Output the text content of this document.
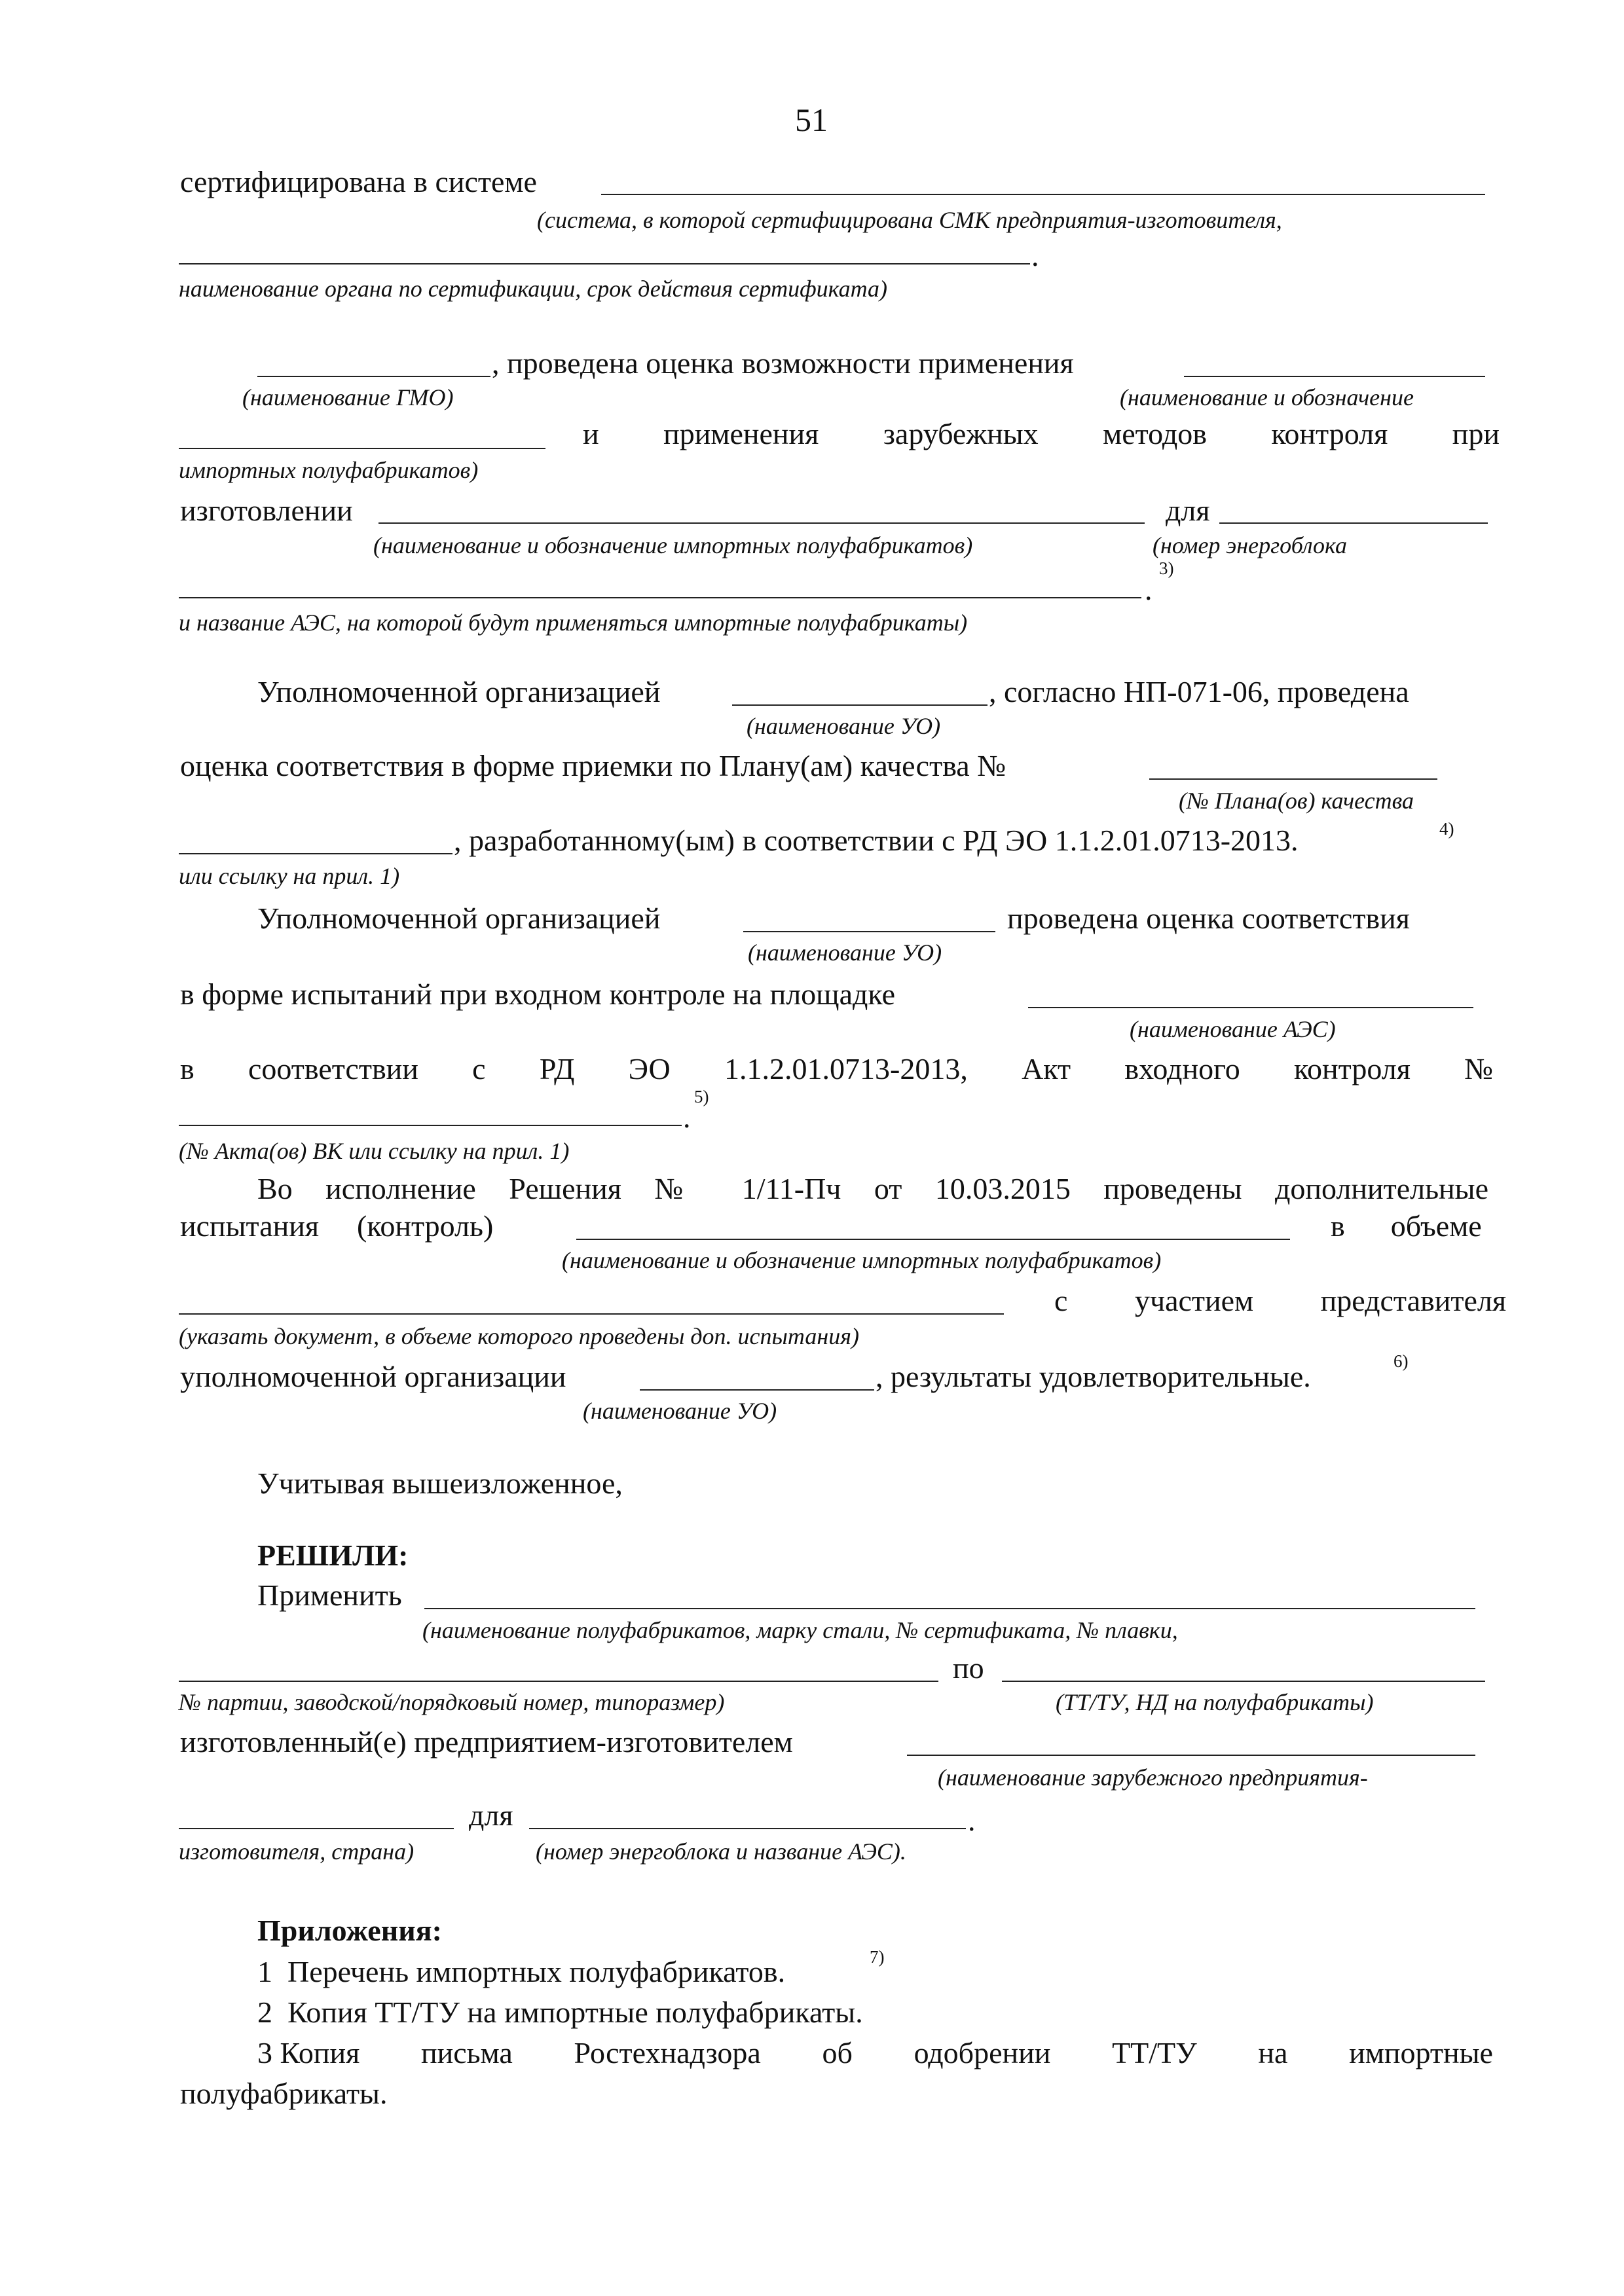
51
сертифицирована в системе
(система, в которой сертифицирована СМК предприятия-изготовителя,
.
наименование органа по сертификации, срок действия сертификата)
, проведена оценка возможности применения
(наименование ГМО)	(наименование и обозначение
и применения зарубежных методов контроля при
импортных полуфабрикатов)
изготовлении	для
(наименование и обозначение импортных полуфабрикатов)	(номер энергоблока
3)
.
и название АЭС, на которой будут применяться импортные полуфабрикаты)
Уполномоченной организацией	, согласно НП-071-06, проведена
(наименование УО)
оценка соответствия в форме приемки по Плану(ам) качества №
(№ Плана(ов) качества
, разработанному(ым) в соответствии с РД ЭО 1.1.2.01.0713-2013.	4)
или ссылку на прил. 1)
Уполномоченной организацией	проведена оценка соответствия
(наименование УО)
в форме испытаний при входном контроле на площадке
(наименование АЭС)
в соответствии с РД ЭО 1.1.2.01.0713-2013, Акт входного контроля №
5)
.
(№ Акта(ов) ВК или ссылку на прил. 1)
Во исполнение Решения № 1/11-Пч от 10.03.2015 проведены дополнительные
испытания (контроль)	в объеме
(наименование и обозначение импортных полуфабрикатов)
с участием представителя
(указать документ, в объеме которого проведены доп. испытания)
уполномоченной организации	, результаты удовлетворительные.	6)
(наименование УО)
Учитывая вышеизложенное,
РЕШИЛИ:
Применить
(наименование полуфабрикатов, марку стали, № сертификата, № плавки,
по
№ партии, заводской/порядковый номер, типоразмер)	(ТТ/ТУ, НД на полуфабрикаты)
изготовленный(е) предприятием-изготовителем
(наименование зарубежного предприятия-
для	.
изготовителя, страна)	(номер энергоблока и название АЭС).
Приложения:
1  Перечень импортных полуфабрикатов.	7)
2  Копия ТТ/ТУ на импортные полуфабрикаты.
3 Копия письма Ростехнадзора об одобрении ТТ/ТУ на импортные
полуфабрикаты.
